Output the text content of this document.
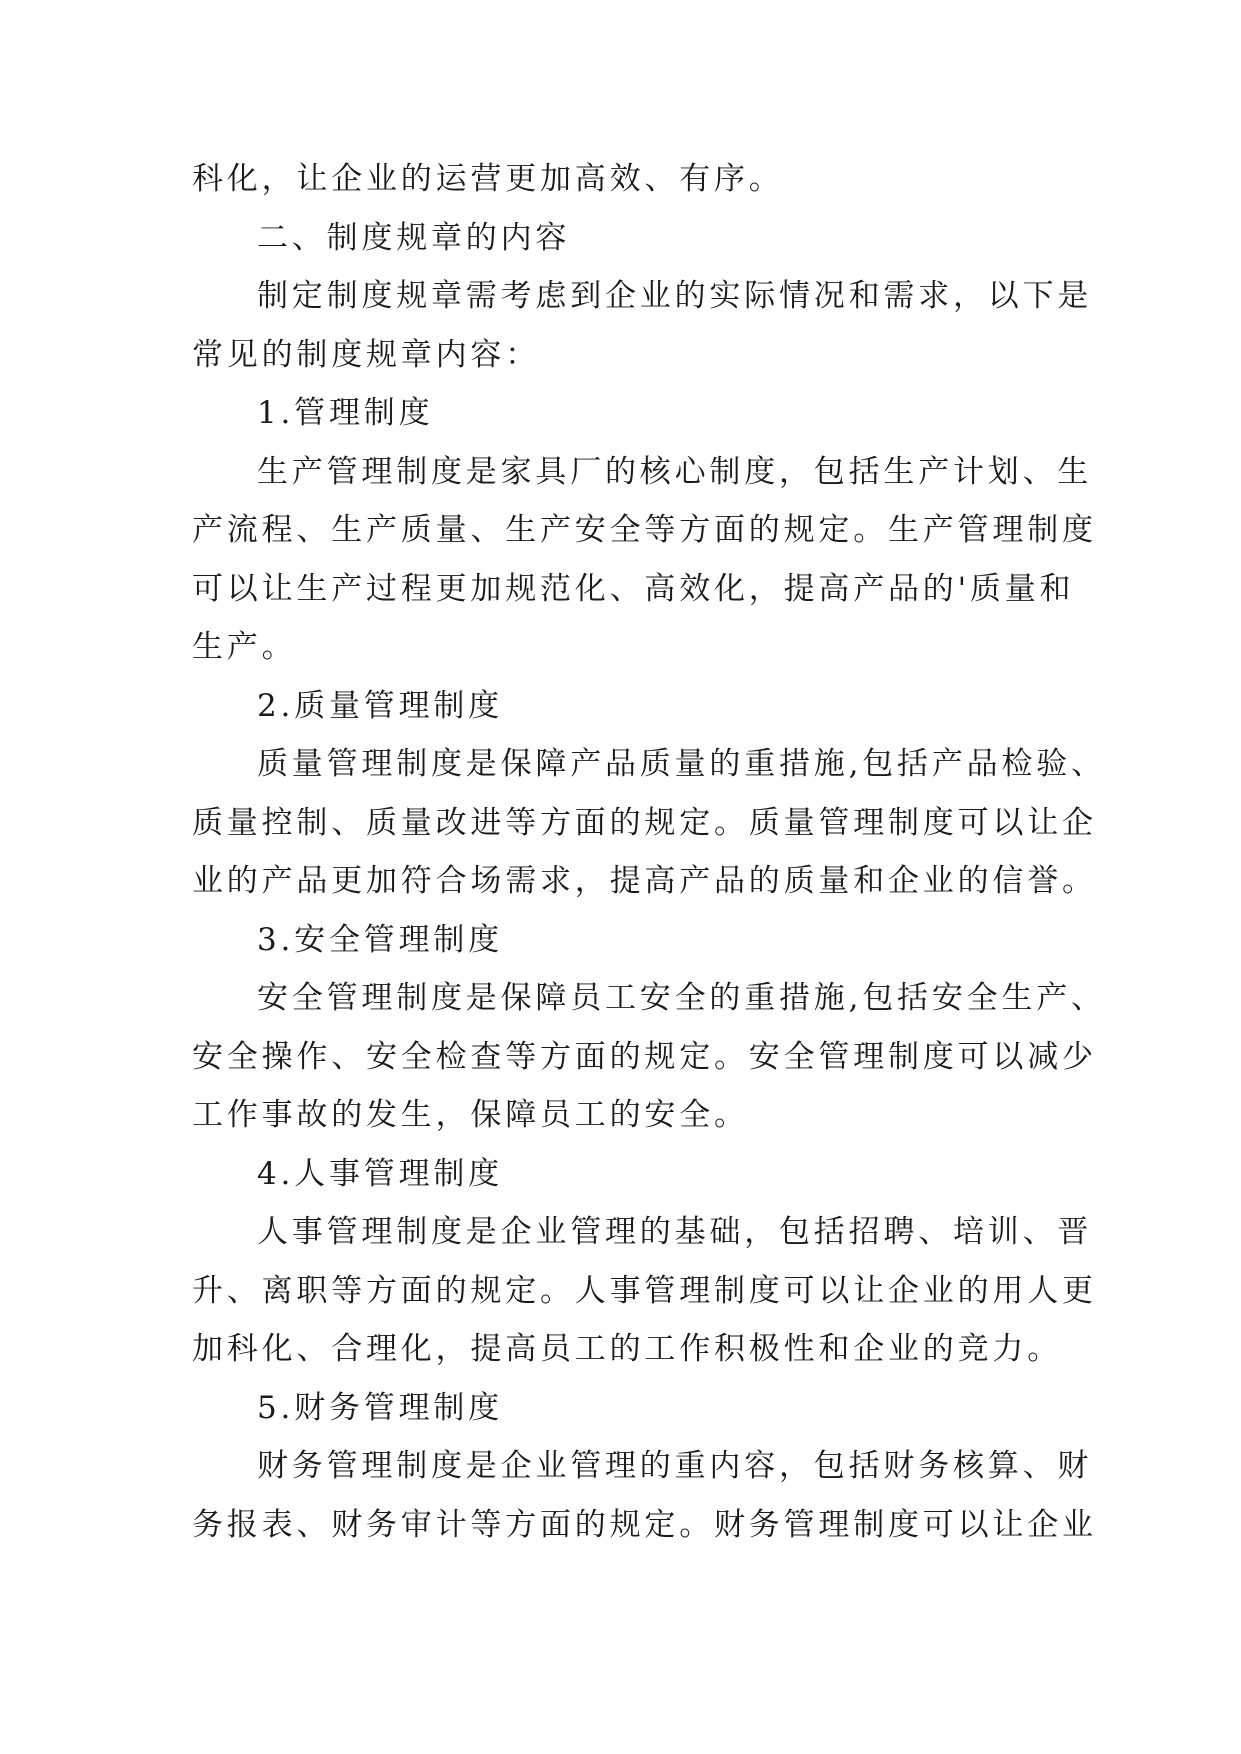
科化，让企业的运营更加高效、有序。
二、制度规章的内容
制定制度规章需考虑到企业的实际情况和需求，以下是
常见的制度规章内容：
1.管理制度
生产管理制度是家具厂的核心制度，包括生产计划、生
产流程、生产质量、生产安全等方面的规定。生产管理制度
可以让生产过程更加规范化、高效化，提高产品的'质量和
生产。
2.质量管理制度
质量管理制度是保障产品质量的重措施,包括产品检验、
质量控制、质量改进等方面的规定。质量管理制度可以让企
业的产品更加符合场需求，提高产品的质量和企业的信誉。
3.安全管理制度
安全管理制度是保障员工安全的重措施,包括安全生产、
安全操作、安全检查等方面的规定。安全管理制度可以减少
工作事故的发生，保障员工的安全。
4.人事管理制度
人事管理制度是企业管理的基础，包括招聘、培训、晋
升、离职等方面的规定。人事管理制度可以让企业的用人更
加科化、合理化，提高员工的工作积极性和企业的竞力。
5.财务管理制度
财务管理制度是企业管理的重内容，包括财务核算、财
务报表、财务审计等方面的规定。财务管理制度可以让企业
